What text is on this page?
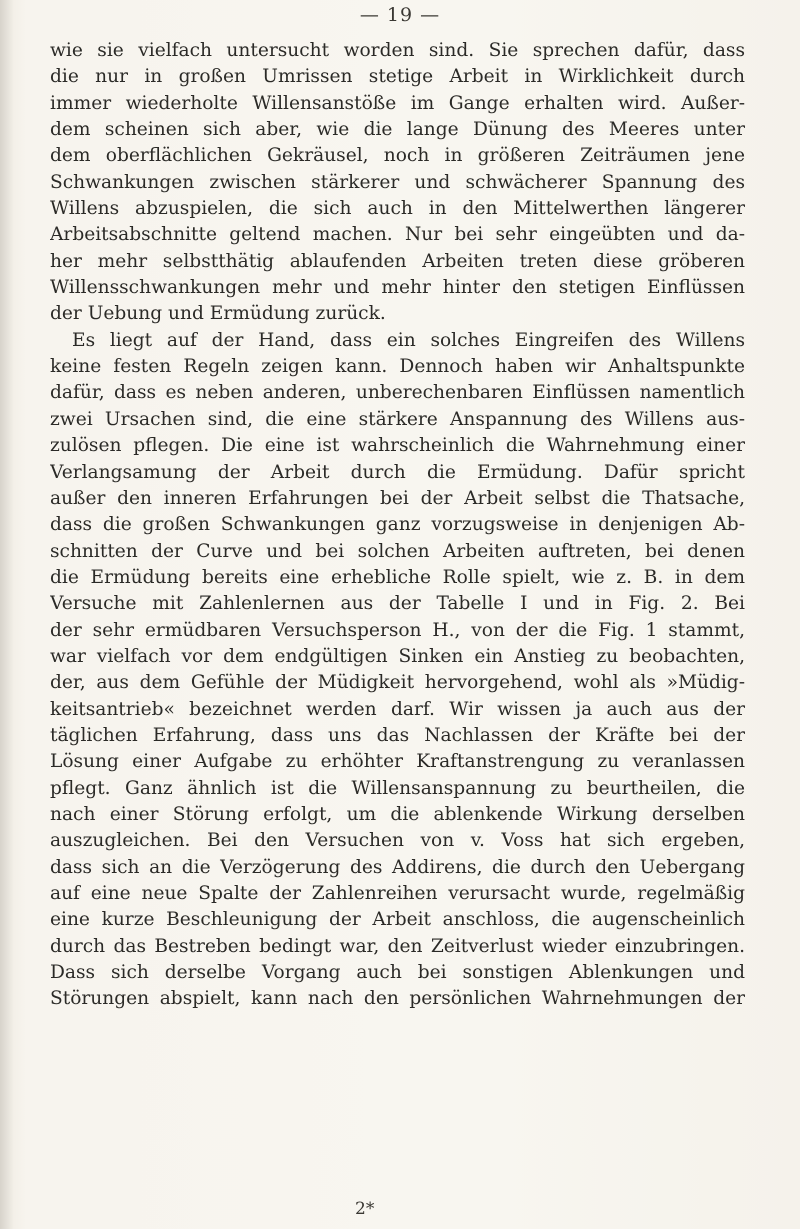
— 19 —
wie sie vielfach untersucht worden sind. Sie sprechen dafür, dass
die nur in großen Umrissen stetige Arbeit in Wirklichkeit durch
immer wiederholte Willensanstöße im Gange erhalten wird. Außer-
dem scheinen sich aber, wie die lange Dünung des Meeres unter
dem oberflächlichen Gekräusel, noch in größeren Zeiträumen jene
Schwankungen zwischen stärkerer und schwächerer Spannung des
Willens abzuspielen, die sich auch in den Mittelwerthen längerer
Arbeitsabschnitte geltend machen. Nur bei sehr eingeübten und da-
her mehr selbstthätig ablaufenden Arbeiten treten diese gröberen
Willensschwankungen mehr und mehr hinter den stetigen Einflüssen
der Uebung und Ermüdung zurück.
Es liegt auf der Hand, dass ein solches Eingreifen des Willens
keine festen Regeln zeigen kann. Dennoch haben wir Anhaltspunkte
dafür, dass es neben anderen, unberechenbaren Einflüssen namentlich
zwei Ursachen sind, die eine stärkere Anspannung des Willens aus-
zulösen pflegen. Die eine ist wahrscheinlich die Wahrnehmung einer
Verlangsamung der Arbeit durch die Ermüdung. Dafür spricht
außer den inneren Erfahrungen bei der Arbeit selbst die Thatsache,
dass die großen Schwankungen ganz vorzugsweise in denjenigen Ab-
schnitten der Curve und bei solchen Arbeiten auftreten, bei denen
die Ermüdung bereits eine erhebliche Rolle spielt, wie z. B. in dem
Versuche mit Zahlenlernen aus der Tabelle I und in Fig. 2. Bei
der sehr ermüdbaren Versuchsperson H., von der die Fig. 1 stammt,
war vielfach vor dem endgültigen Sinken ein Anstieg zu beobachten,
der, aus dem Gefühle der Müdigkeit hervorgehend, wohl als »Müdig-
keitsantrieb« bezeichnet werden darf. Wir wissen ja auch aus der
täglichen Erfahrung, dass uns das Nachlassen der Kräfte bei der
Lösung einer Aufgabe zu erhöhter Kraftanstrengung zu veranlassen
pflegt. Ganz ähnlich ist die Willensanspannung zu beurtheilen, die
nach einer Störung erfolgt, um die ablenkende Wirkung derselben
auszugleichen. Bei den Versuchen von v. Voss hat sich ergeben,
dass sich an die Verzögerung des Addirens, die durch den Uebergang
auf eine neue Spalte der Zahlenreihen verursacht wurde, regelmäßig
eine kurze Beschleunigung der Arbeit anschloss, die augenscheinlich
durch das Bestreben bedingt war, den Zeitverlust wieder einzubringen.
Dass sich derselbe Vorgang auch bei sonstigen Ablenkungen und
Störungen abspielt, kann nach den persönlichen Wahrnehmungen der
2*
